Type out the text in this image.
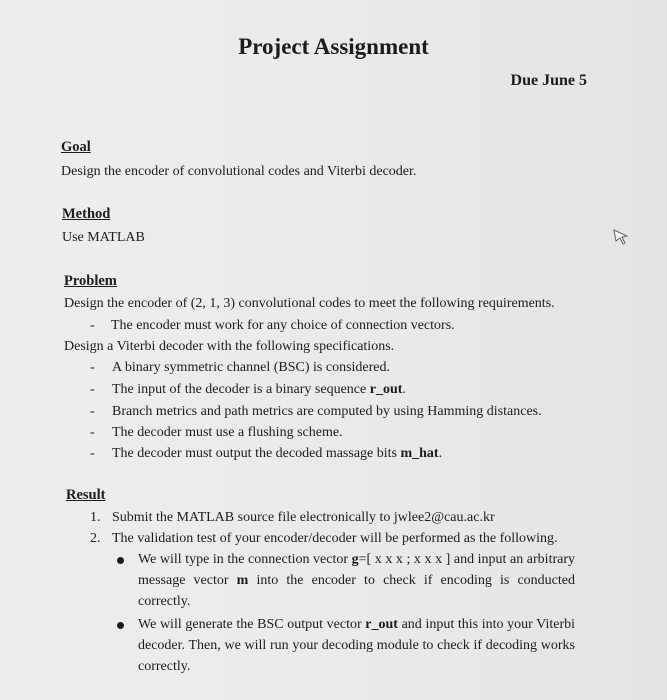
Project Assignment
Due June 5
Goal
Design the encoder of convolutional codes and Viterbi decoder.
Method
Use MATLAB
Problem
Design the encoder of (2, 1, 3) convolutional codes to meet the following requirements.
- The encoder must work for any choice of connection vectors.
Design a Viterbi decoder with the following specifications.
- A binary symmetric channel (BSC) is considered.
- The input of the decoder is a binary sequence r_out.
- Branch metrics and path metrics are computed by using Hamming distances.
- The decoder must use a flushing scheme.
- The decoder must output the decoded massage bits m_hat.
Result
1. Submit the MATLAB source file electronically to jwlee2@cau.ac.kr
2. The validation test of your encoder/decoder will be performed as the following.
We will type in the connection vector g=[ x x x ; x x x ] and input an arbitrary message vector m into the encoder to check if encoding is conducted correctly.
We will generate the BSC output vector r_out and input this into your Viterbi decoder. Then, we will run your decoding module to check if decoding works correctly.
